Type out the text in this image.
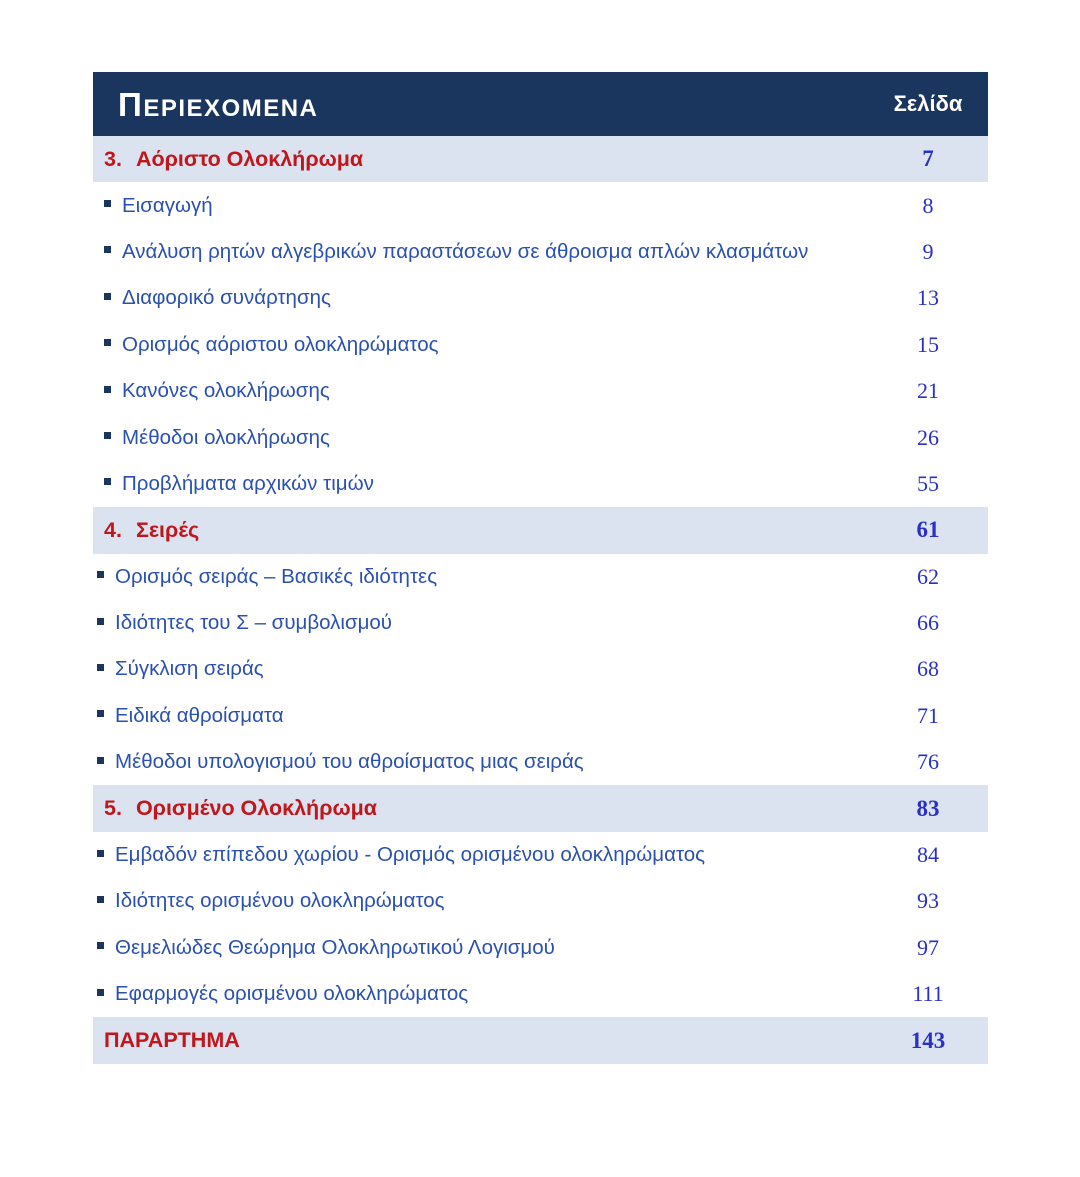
ΠΕΡΙΕΧΟΜΕΝΑ	Σελίδα
3. Αόριστο Ολοκλήρωμα	7
Εισαγωγή	8
Ανάλυση ρητών αλγεβρικών παραστάσεων σε άθροισμα απλών κλασμάτων	9
Διαφορικό συνάρτησης	13
Ορισμός αόριστου ολοκληρώματος	15
Κανόνες ολοκλήρωσης	21
Μέθοδοι ολοκλήρωσης	26
Προβλήματα αρχικών τιμών	55
4. Σειρές	61
Ορισμός σειράς – Βασικές ιδιότητες	62
Ιδιότητες του Σ – συμβολισμού	66
Σύγκλιση σειράς	68
Ειδικά αθροίσματα	71
Μέθοδοι υπολογισμού του αθροίσματος μιας σειράς	76
5. Ορισμένο Ολοκλήρωμα	83
Εμβαδόν επίπεδου χωρίου - Ορισμός ορισμένου ολοκληρώματος	84
Ιδιότητες ορισμένου ολοκληρώματος	93
Θεμελιώδες Θεώρημα Ολοκληρωτικού Λογισμού	97
Εφαρμογές ορισμένου ολοκληρώματος	111
ΠΑΡΑΡΤΗΜΑ	143
